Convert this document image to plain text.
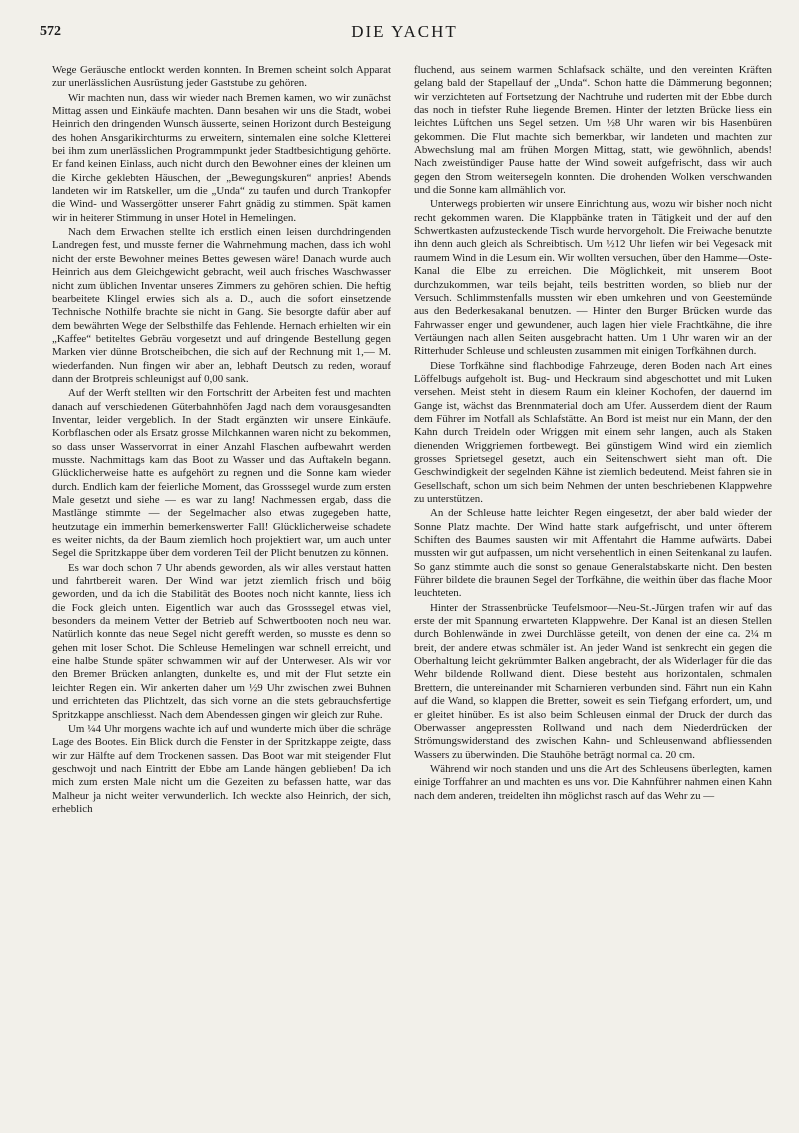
572	DIE YACHT

Wege Geräusche entlockt werden konnten. In Bremen scheint solch Apparat zur unerlässlichen Ausrüstung jeder Gaststube zu gehören.

Wir machten nun, dass wir wieder nach Bremen kamen, wo wir zunächst Mittag assen und Einkäufe machten. Dann besahen wir uns die Stadt, wobei Heinrich den dringenden Wunsch äusserte, seinen Horizont durch Besteigung des hohen Ansgarikirchturms zu erweitern, sintemalen eine solche Kletterei bei ihm zum unerlässlichen Programmpunkt jeder Stadtbesichtigung gehörte. Er fand keinen Einlass, auch nicht durch den Bewohner eines der kleinen um die Kirche geklebten Häuschen, der „Bewegungskuren“ anpries! Abends landeten wir im Ratskeller, um die „Unda“ zu taufen und durch Trankopfer die Wind- und Wassergötter unserer Fahrt gnädig zu stimmen. Spät kamen wir in heiterer Stimmung in unser Hotel in Hemelingen.

Nach dem Erwachen stellte ich erstlich einen leisen durchdringenden Landregen fest, und musste ferner die Wahrnehmung machen, dass ich wohl nicht der erste Bewohner meines Bettes gewesen wäre! Danach wurde auch Heinrich aus dem Gleichgewicht gebracht, weil auch frisches Waschwasser nicht zum üblichen Inventar unseres Zimmers zu gehören schien. Die heftig bearbeitete Klingel erwies sich als a. D., auch die sofort einsetzende Technische Nothilfe brachte sie nicht in Gang. Sie besorgte dafür aber auf dem bewährten Wege der Selbsthilfe das Fehlende. Hernach erhielten wir ein „Kaffee“ betiteltes Gebräu vorgesetzt und auf dringende Bestellung gegen Marken vier dünne Brotscheibchen, die sich auf der Rechnung mit 1,— M. wiederfanden. Nun fingen wir aber an, lebhaft Deutsch zu reden, worauf dann der Brotpreis schleunigst auf 0,00 sank.

Auf der Werft stellten wir den Fortschritt der Arbeiten fest und machten danach auf verschiedenen Güterbahnhöfen Jagd nach dem vorausgesandten Inventar, leider vergeblich. In der Stadt ergänzten wir unsere Einkäufe. Korbflaschen oder als Ersatz grosse Milchkannen waren nicht zu bekommen, so dass unser Wasservorrat in einer Anzahl Flaschen aufbewahrt werden musste. Nachmittags kam das Boot zu Wasser und das Auftakeln begann. Glücklicherweise hatte es aufgehört zu regnen und die Sonne kam wieder durch. Endlich kam der feierliche Moment, das Grosssegel wurde zum ersten Male gesetzt und siehe — es war zu lang! Nachmessen ergab, dass die Mastlänge stimmte — der Segelmacher also etwas zugegeben hatte, heutzutage ein immerhin bemerkenswerter Fall! Glücklicherweise schadete es weiter nichts, da der Baum ziemlich hoch projektiert war, um auch unter Segel die Spritzkappe über dem vorderen Teil der Plicht benutzen zu können.

Es war doch schon 7 Uhr abends geworden, als wir alles verstaut hatten und fahrtbereit waren. Der Wind war jetzt ziemlich frisch und böig geworden, und da ich die Stabilität des Bootes noch nicht kannte, liess ich die Fock gleich unten. Eigentlich war auch das Grosssegel etwas viel, besonders da meinem Vetter der Betrieb auf Schwertbooten noch neu war. Natürlich konnte das neue Segel nicht gerefft werden, so musste es denn so gehen mit loser Schot. Die Schleuse Hemelingen war schnell erreicht, und eine halbe Stunde später schwammen wir auf der Unterweser. Als wir vor den Bremer Brücken anlangten, dunkelte es, und mit der Flut setzte ein leichter Regen ein. Wir ankerten daher um ½9 Uhr zwischen zwei Buhnen und errichteten das Plichtzelt, das sich vorne an die stets gebrauchsfertige Spritzkappe anschliesst. Nach dem Abendessen gingen wir gleich zur Ruhe.

Um ¼4 Uhr morgens wachte ich auf und wunderte mich über die schräge Lage des Bootes. Ein Blick durch die Fenster in der Spritzkappe zeigte, dass wir zur Hälfte auf dem Trockenen sassen. Das Boot war mit steigender Flut geschwojt und nach Eintritt der Ebbe am Lande hängen geblieben! Da ich mich zum ersten Male nicht um die Gezeiten zu befassen hatte, war das Malheur ja nicht weiter verwunderlich. Ich weckte also Heinrich, der sich, erheblich

fluchend, aus seinem warmen Schlafsack schälte, und den vereinten Kräften gelang bald der Stapellauf der „Unda“. Schon hatte die Dämmerung begonnen; wir verzichteten auf Fortsetzung der Nachtruhe und ruderten mit der Ebbe durch das noch in tiefster Ruhe liegende Bremen. Hinter der letzten Brücke liess ein leichtes Lüftchen uns Segel setzen. Um ½8 Uhr waren wir bis Hasenbüren gekommen. Die Flut machte sich bemerkbar, wir landeten und machten zur Abwechslung mal am frühen Morgen Mittag, statt, wie gewöhnlich, abends! Nach zweistündiger Pause hatte der Wind soweit aufgefrischt, dass wir auch gegen den Strom weitersegeln konnten. Die drohenden Wolken verschwanden und die Sonne kam allmählich vor.

Unterwegs probierten wir unsere Einrichtung aus, wozu wir bisher noch nicht recht gekommen waren. Die Klappbänke traten in Tätigkeit und der auf den Schwertkasten aufzusteckende Tisch wurde hervorgeholt. Die Freiwache benutzte ihn denn auch gleich als Schreibtisch. Um ½12 Uhr liefen wir bei Vegesack mit raumem Wind in die Lesum ein. Wir wollten versuchen, über den Hamme—Oste-Kanal die Elbe zu erreichen. Die Möglichkeit, mit unserem Boot durchzukommen, war teils bejaht, teils bestritten worden, so blieb nur der Versuch. Schlimmstenfalls mussten wir eben umkehren und von Geestemünde aus den Bederkesakanal benutzen. — Hinter den Burger Brücken wurde das Fahrwasser enger und gewundener, auch lagen hier viele Frachtkähne, die ihre Vertäungen nach allen Seiten ausgebracht hatten. Um 1 Uhr waren wir an der Ritterhuder Schleuse und schleusten zusammen mit einigen Torfkähnen durch.

Diese Torfkähne sind flachbodige Fahrzeuge, deren Boden nach Art eines Löffelbugs aufgeholt ist. Bug- und Heckraum sind abgeschottet und mit Luken versehen. Meist steht in diesem Raum ein kleiner Kochofen, der dauernd im Gange ist, wächst das Brennmaterial doch am Ufer. Ausserdem dient der Raum dem Führer im Notfall als Schlafstätte. An Bord ist meist nur ein Mann, der den Kahn durch Treideln oder Wriggen mit einem sehr langen, auch als Staken dienenden Wriggriemen fortbewegt. Bei günstigem Wind wird ein ziemlich grosses Sprietsegel gesetzt, auch ein Seitenschwert sieht man oft. Die Geschwindigkeit der segelnden Kähne ist ziemlich bedeutend. Meist fahren sie in Gesellschaft, schon um sich beim Nehmen der unten beschriebenen Klappwehre zu unterstützen.

An der Schleuse hatte leichter Regen eingesetzt, der aber bald wieder der Sonne Platz machte. Der Wind hatte stark aufgefrischt, und unter öfterem Schiften des Baumes sausten wir mit Affentahrt die Hamme aufwärts. Dabei mussten wir gut aufpassen, um nicht versehentlich in einen Seitenkanal zu laufen. So ganz stimmte auch die sonst so genaue Generalstabskarte nicht. Den besten Führer bildete die braunen Segel der Torfkähne, die weithin über das flache Moor leuchteten.

Hinter der Strassenbrücke Teufelsmoor—Neu-St.-Jürgen trafen wir auf das erste der mit Spannung erwarteten Klappwehre. Der Kanal ist an diesen Stellen durch Bohlenwände in zwei Durchlässe geteilt, von denen der eine ca. 2¼ m breit, der andere etwas schmäler ist. An jeder Wand ist senkrecht ein gegen die Oberhaltung leicht gekrümmter Balken angebracht, der als Widerlager für die das Wehr bildende Rollwand dient. Diese besteht aus horizontalen, schmalen Brettern, die untereinander mit Scharnieren verbunden sind. Fährt nun ein Kahn auf die Wand, so klappen die Bretter, soweit es sein Tiefgang erfordert, um, und er gleitet hinüber. Es ist also beim Schleusen einmal der Druck der durch das Oberwasser angepressten Rollwand und nach dem Niederdrücken der Strömungswiderstand des zwischen Kahn- und Schleusenwand abfliessenden Wassers zu überwinden. Die Stauhöhe beträgt normal ca. 20 cm.

Während wir noch standen und uns die Art des Schleusens überlegten, kamen einige Torffahrer an und machten es uns vor. Die Kahnführer nahmen einen Kahn nach dem anderen, treidelten ihn möglichst rasch auf das Wehr zu —
